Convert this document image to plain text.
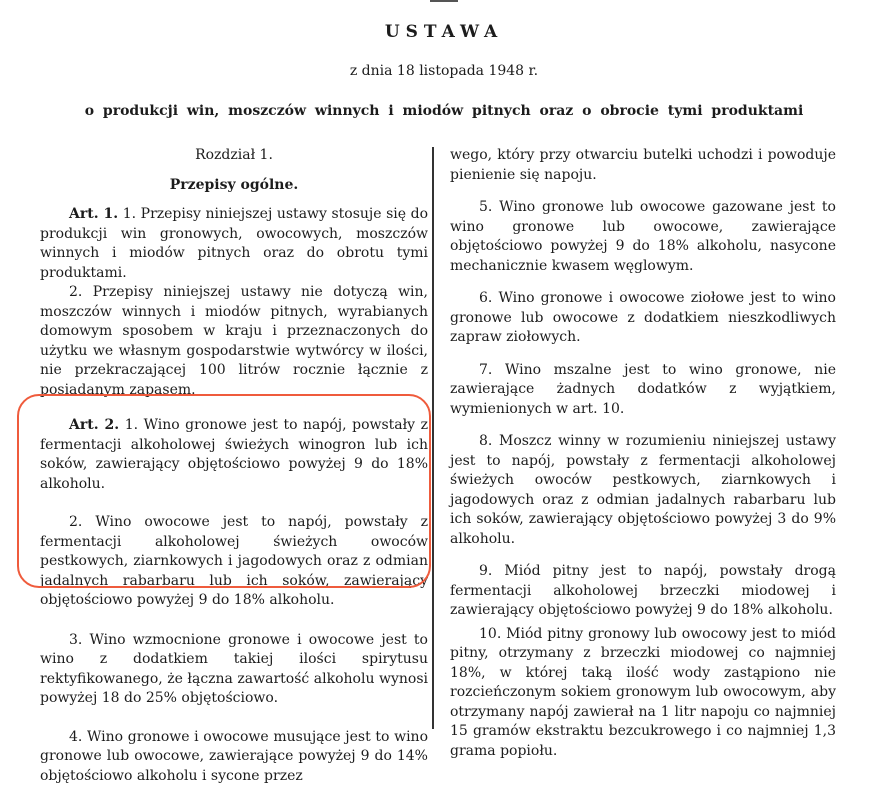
USTAWA
z dnia 18 listopada 1948 r.
o produkcji win, moszczów winnych i miodów pitnych oraz o obrocie tymi produktami

Rozdział 1.

Przepisy ogólne.

Art. 1. 1. Przepisy niniejszej ustawy stosuje się do produkcji win gronowych, owocowych, moszczów winnych i miodów pitnych oraz do obrotu tymi produktami.

2. Przepisy niniejszej ustawy nie dotyczą win, moszczów winnych i miodów pitnych, wyrabianych domowym sposobem w kraju i przeznaczonych do użytku we własnym gospodarstwie wytwórcy w ilości, nie przekraczającej 100 litrów rocznie łącznie z posiadanym zapasem.

Art. 2. 1. Wino gronowe jest to napój, powstały z fermentacji alkoholowej świeżych winogron lub ich soków, zawierający objętościowo powyżej 9 do 18% alkoholu.

2. Wino owocowe jest to napój, powstały z fermentacji alkoholowej świeżych owoców pestkowych, ziarnkowych i jagodowych oraz z odmian jadalnych rabarbaru lub ich soków, zawierający objętościowo powyżej 9 do 18% alkoholu.

3. Wino wzmocnione gronowe i owocowe jest to wino z dodatkiem takiej ilości spirytusu rektyfikowanego, że łączna zawartość alkoholu wynosi powyżej 18 do 25% objętościowo.

4. Wino gronowe i owocowe musujące jest to wino gronowe lub owocowe, zawierające powyżej 9 do 14% objętościowo alkoholu i sycone przez

wego, który przy otwarciu butelki uchodzi i powoduje pienienie się napoju.

5. Wino gronowe lub owocowe gazowane jest to wino gronowe lub owocowe, zawierające objętościowo powyżej 9 do 18% alkoholu, nasycone mechanicznie kwasem węglowym.

6. Wino gronowe i owocowe ziołowe jest to wino gronowe lub owocowe z dodatkiem nieszkodliwych zapraw ziołowych.

7. Wino mszalne jest to wino gronowe, nie zawierające żadnych dodatków z wyjątkiem, wymienionych w art. 10.

8. Moszcz winny w rozumieniu niniejszej ustawy jest to napój, powstały z fermentacji alkoholowej świeżych owoców pestkowych, ziarnkowych i jagodowych oraz z odmian jadalnych rabarbaru lub ich soków, zawierający objętościowo powyżej 3 do 9% alkoholu.

9. Miód pitny jest to napój, powstały drogą fermentacji alkoholowej brzeczki miodowej i zawierający objętościowo powyżej 9 do 18% alkoholu.

10. Miód pitny gronowy lub owocowy jest to miód pitny, otrzymany z brzeczki miodowej co najmniej 18%, w której taką ilość wody zastąpiono nie rozcieńczonym sokiem gronowym lub owocowym, aby otrzymany napój zawierał na 1 litr napoju co najmniej 15 gramów ekstraktu bezcukrowego i co najmniej 1,3 grama popiołu.
